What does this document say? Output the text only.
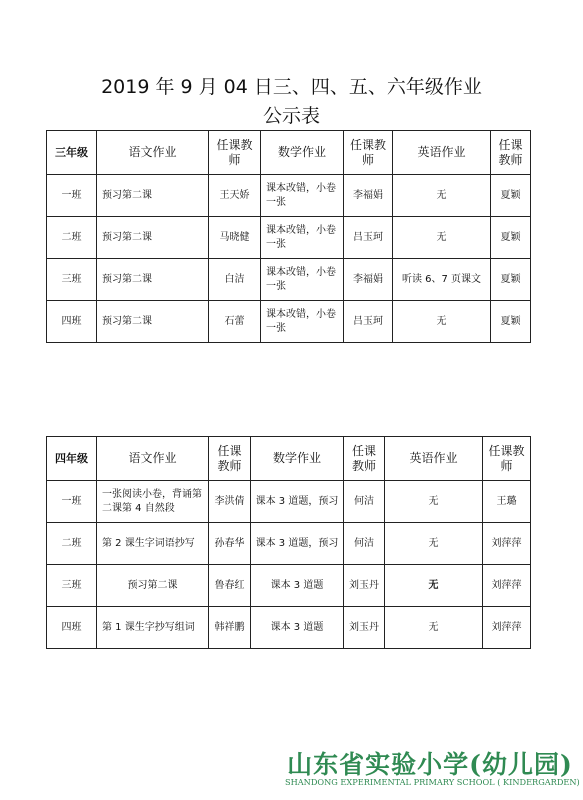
2019 年 9 月 04 日三、四、五、六年级作业
公示表
三年级	语文作业	任课教师	数学作业	任课教师	英语作业	任课教师
一班	预习第二课	王天娇	课本改错，小卷一张	李福娟	无	夏颖
二班	预习第二课	马晓健	课本改错，小卷一张	吕玉珂	无	夏颖
三班	预习第二课	白洁	课本改错，小卷一张	李福娟	听读 6、7 页课文	夏颖
四班	预习第二课	石蕾	课本改错，小卷一张	吕玉珂	无	夏颖
四年级	语文作业	任课教师	数学作业	任课教师	英语作业	任课教师
一班	一张阅读小卷，背诵第二课第 4 自然段	李洪倩	课本 3 道题，预习	何洁	无	王璐
二班	第 2 课生字词语抄写	孙春华	课本 3 道题，预习	何洁	无	刘萍萍
三班	预习第二课	鲁春红	课本 3 道题	刘玉丹	无	刘萍萍
四班	第 1 课生字抄写组词	韩祥鹏	课本 3 道题	刘玉丹	无	刘萍萍
山东省实验小学(幼儿园)
SHANDONG EXPERIMENTAL PRIMARY SCHOOL ( KINDERGARDEN)
